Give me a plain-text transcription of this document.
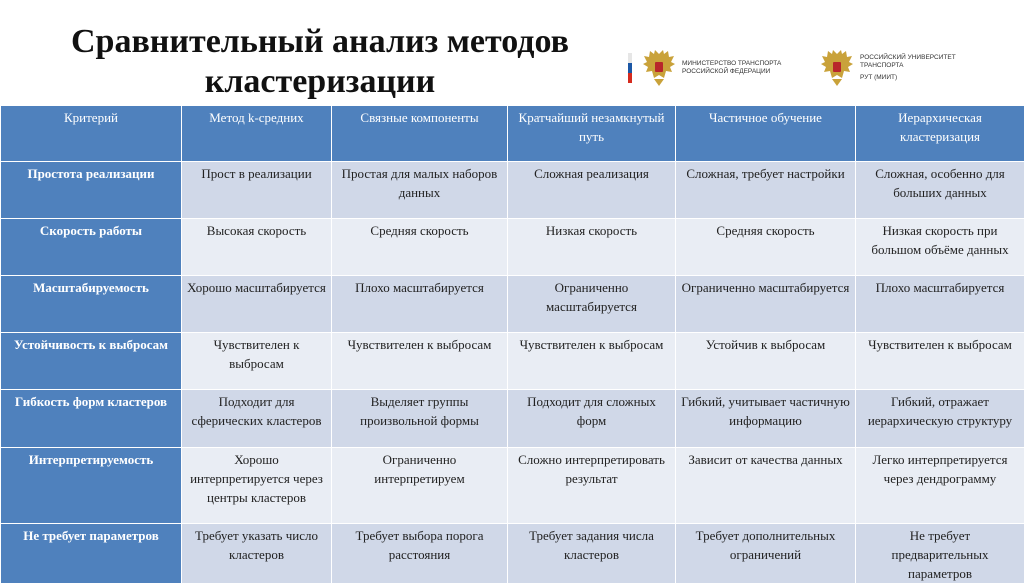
Сравнительный анализ методов
кластеризации	МИНИСТЕРСТВО ТРАНСПОРТА
РОССИЙСКОЙ ФЕДЕРАЦИИ
РОССИЙСКИЙ УНИВЕРСИТЕТ
ТРАНСПОРТА
РУТ (МИИТ)
Критерий	Метод k-средних	Связные компоненты	Кратчайший незамкнутый путь	Частичное обучение	Иерархическая кластеризация
Простота реализации	Прост в реализации	Простая для малых наборов данных	Сложная реализация	Сложная, требует настройки	Сложная, особенно для больших данных
Скорость работы	Высокая скорость	Средняя скорость	Низкая скорость	Средняя скорость	Низкая скорость при большом объёме данных
Масштабируемость	Хорошо масштабируется	Плохо масштабируется	Ограниченно масштабируется	Ограниченно масштабируется	Плохо масштабируется
Устойчивость к выбросам	Чувствителен к выбросам	Чувствителен к выбросам	Чувствителен к выбросам	Устойчив к выбросам	Чувствителен к выбросам
Гибкость форм кластеров	Подходит для сферических кластеров	Выделяет группы произвольной формы	Подходит для сложных форм	Гибкий, учитывает частичную информацию	Гибкий, отражает иерархическую структуру
Интерпретируемость	Хорошо интерпретируется через центры кластеров	Ограниченно интерпретируем	Сложно интерпретировать результат	Зависит от качества данных	Легко интерпретируется через дендрограмму
Не требует параметров	Требует указать число кластеров	Требует выбора порога расстояния	Требует задания числа кластеров	Требует дополнительных ограничений	Не требует предварительных параметров
